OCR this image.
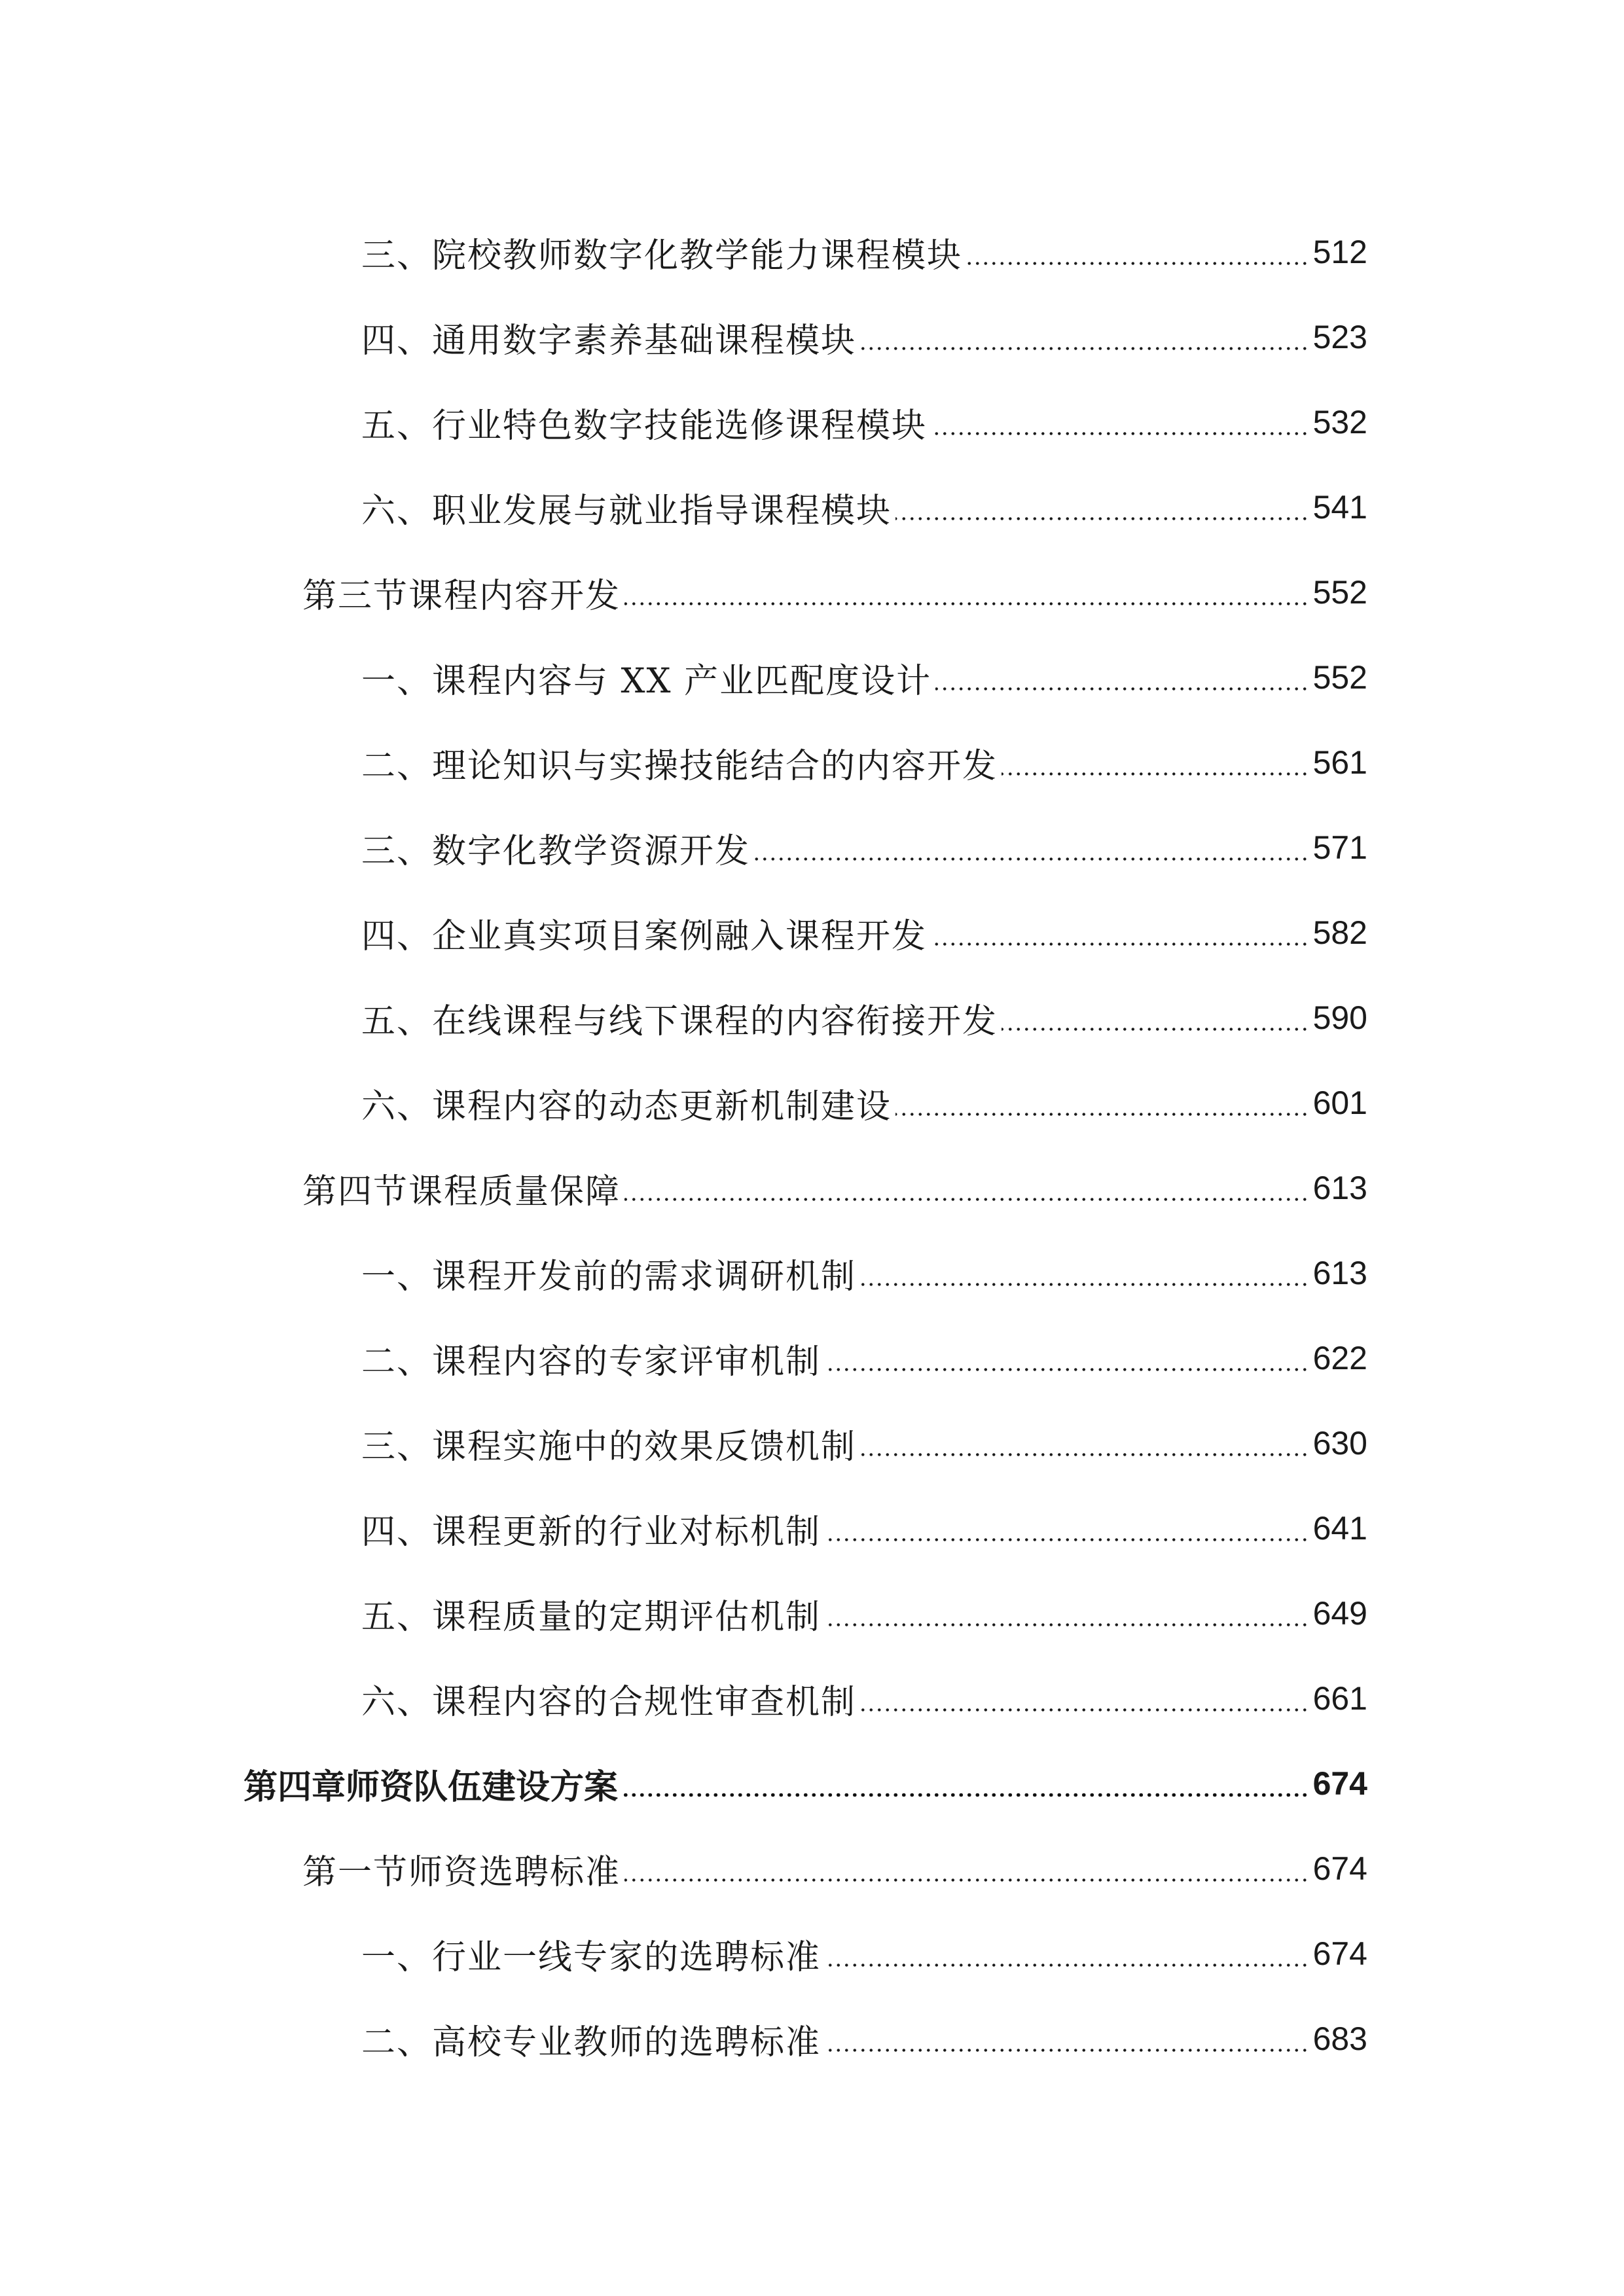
三、院校教师数字化教学能力课程模块	512
四、通用数字素养基础课程模块	523
五、行业特色数字技能选修课程模块	532
六、职业发展与就业指导课程模块	541
第三节课程内容开发	552
一、课程内容与 XX 产业匹配度设计	552
二、理论知识与实操技能结合的内容开发	561
三、数字化教学资源开发	571
四、企业真实项目案例融入课程开发	582
五、在线课程与线下课程的内容衔接开发	590
六、课程内容的动态更新机制建设	601
第四节课程质量保障	613
一、课程开发前的需求调研机制	613
二、课程内容的专家评审机制	622
三、课程实施中的效果反馈机制	630
四、课程更新的行业对标机制	641
五、课程质量的定期评估机制	649
六、课程内容的合规性审查机制	661
第四章师资队伍建设方案	674
第一节师资选聘标准	674
一、行业一线专家的选聘标准	674
二、高校专业教师的选聘标准	683
